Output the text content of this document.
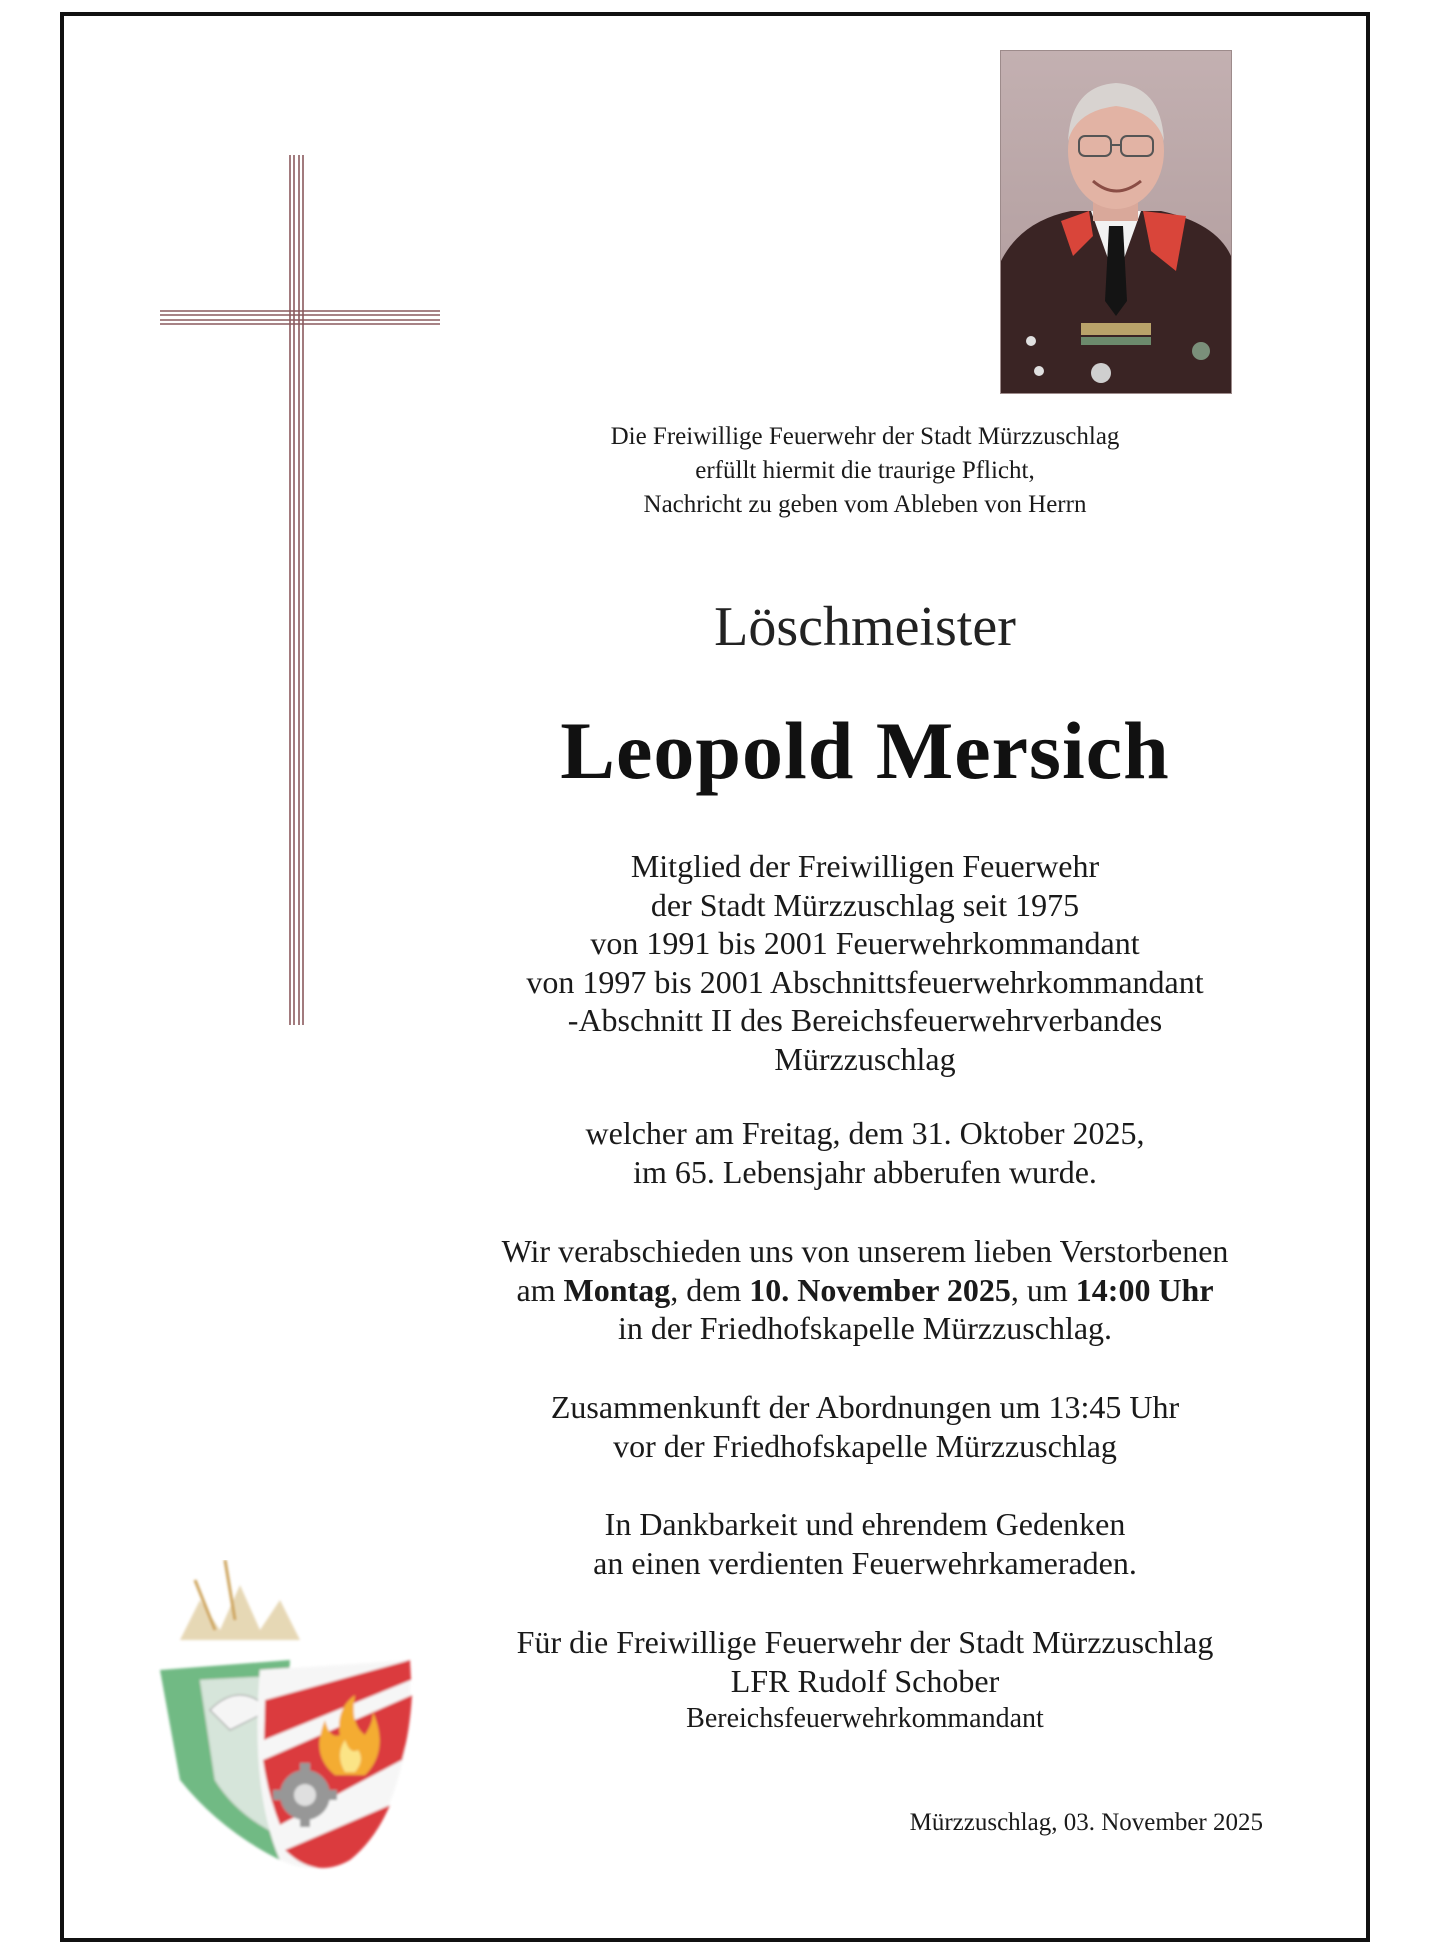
Die Freiwillige Feuerwehr der Stadt Mürzzuschlag
erfüllt hiermit die traurige Pflicht,
Nachricht zu geben vom Ableben von Herrn
Löschmeister
Leopold Mersich
Mitglied der Freiwilligen Feuerwehr
der Stadt Mürzzuschlag seit 1975
von 1991 bis 2001 Feuerwehrkommandant
von 1997 bis 2001 Abschnittsfeuerwehrkommandant
-Abschnitt II des Bereichsfeuerwehrverbandes
Mürzzuschlag
welcher am Freitag, dem 31. Oktober 2025,
im 65. Lebensjahr abberufen wurde.
Wir verabschieden uns von unserem lieben Verstorbenen
am Montag, dem 10. November 2025, um 14:00 Uhr
in der Friedhofskapelle Mürzzuschlag.
Zusammenkunft der Abordnungen um 13:45 Uhr
vor der Friedhofskapelle Mürzzuschlag
In Dankbarkeit und ehrendem Gedenken
an einen verdienten Feuerwehrkameraden.
Für die Freiwillige Feuerwehr der Stadt Mürzzuschlag
LFR Rudolf Schober
Bereichsfeuerwehrkommandant
Mürzzuschlag, 03. November 2025
